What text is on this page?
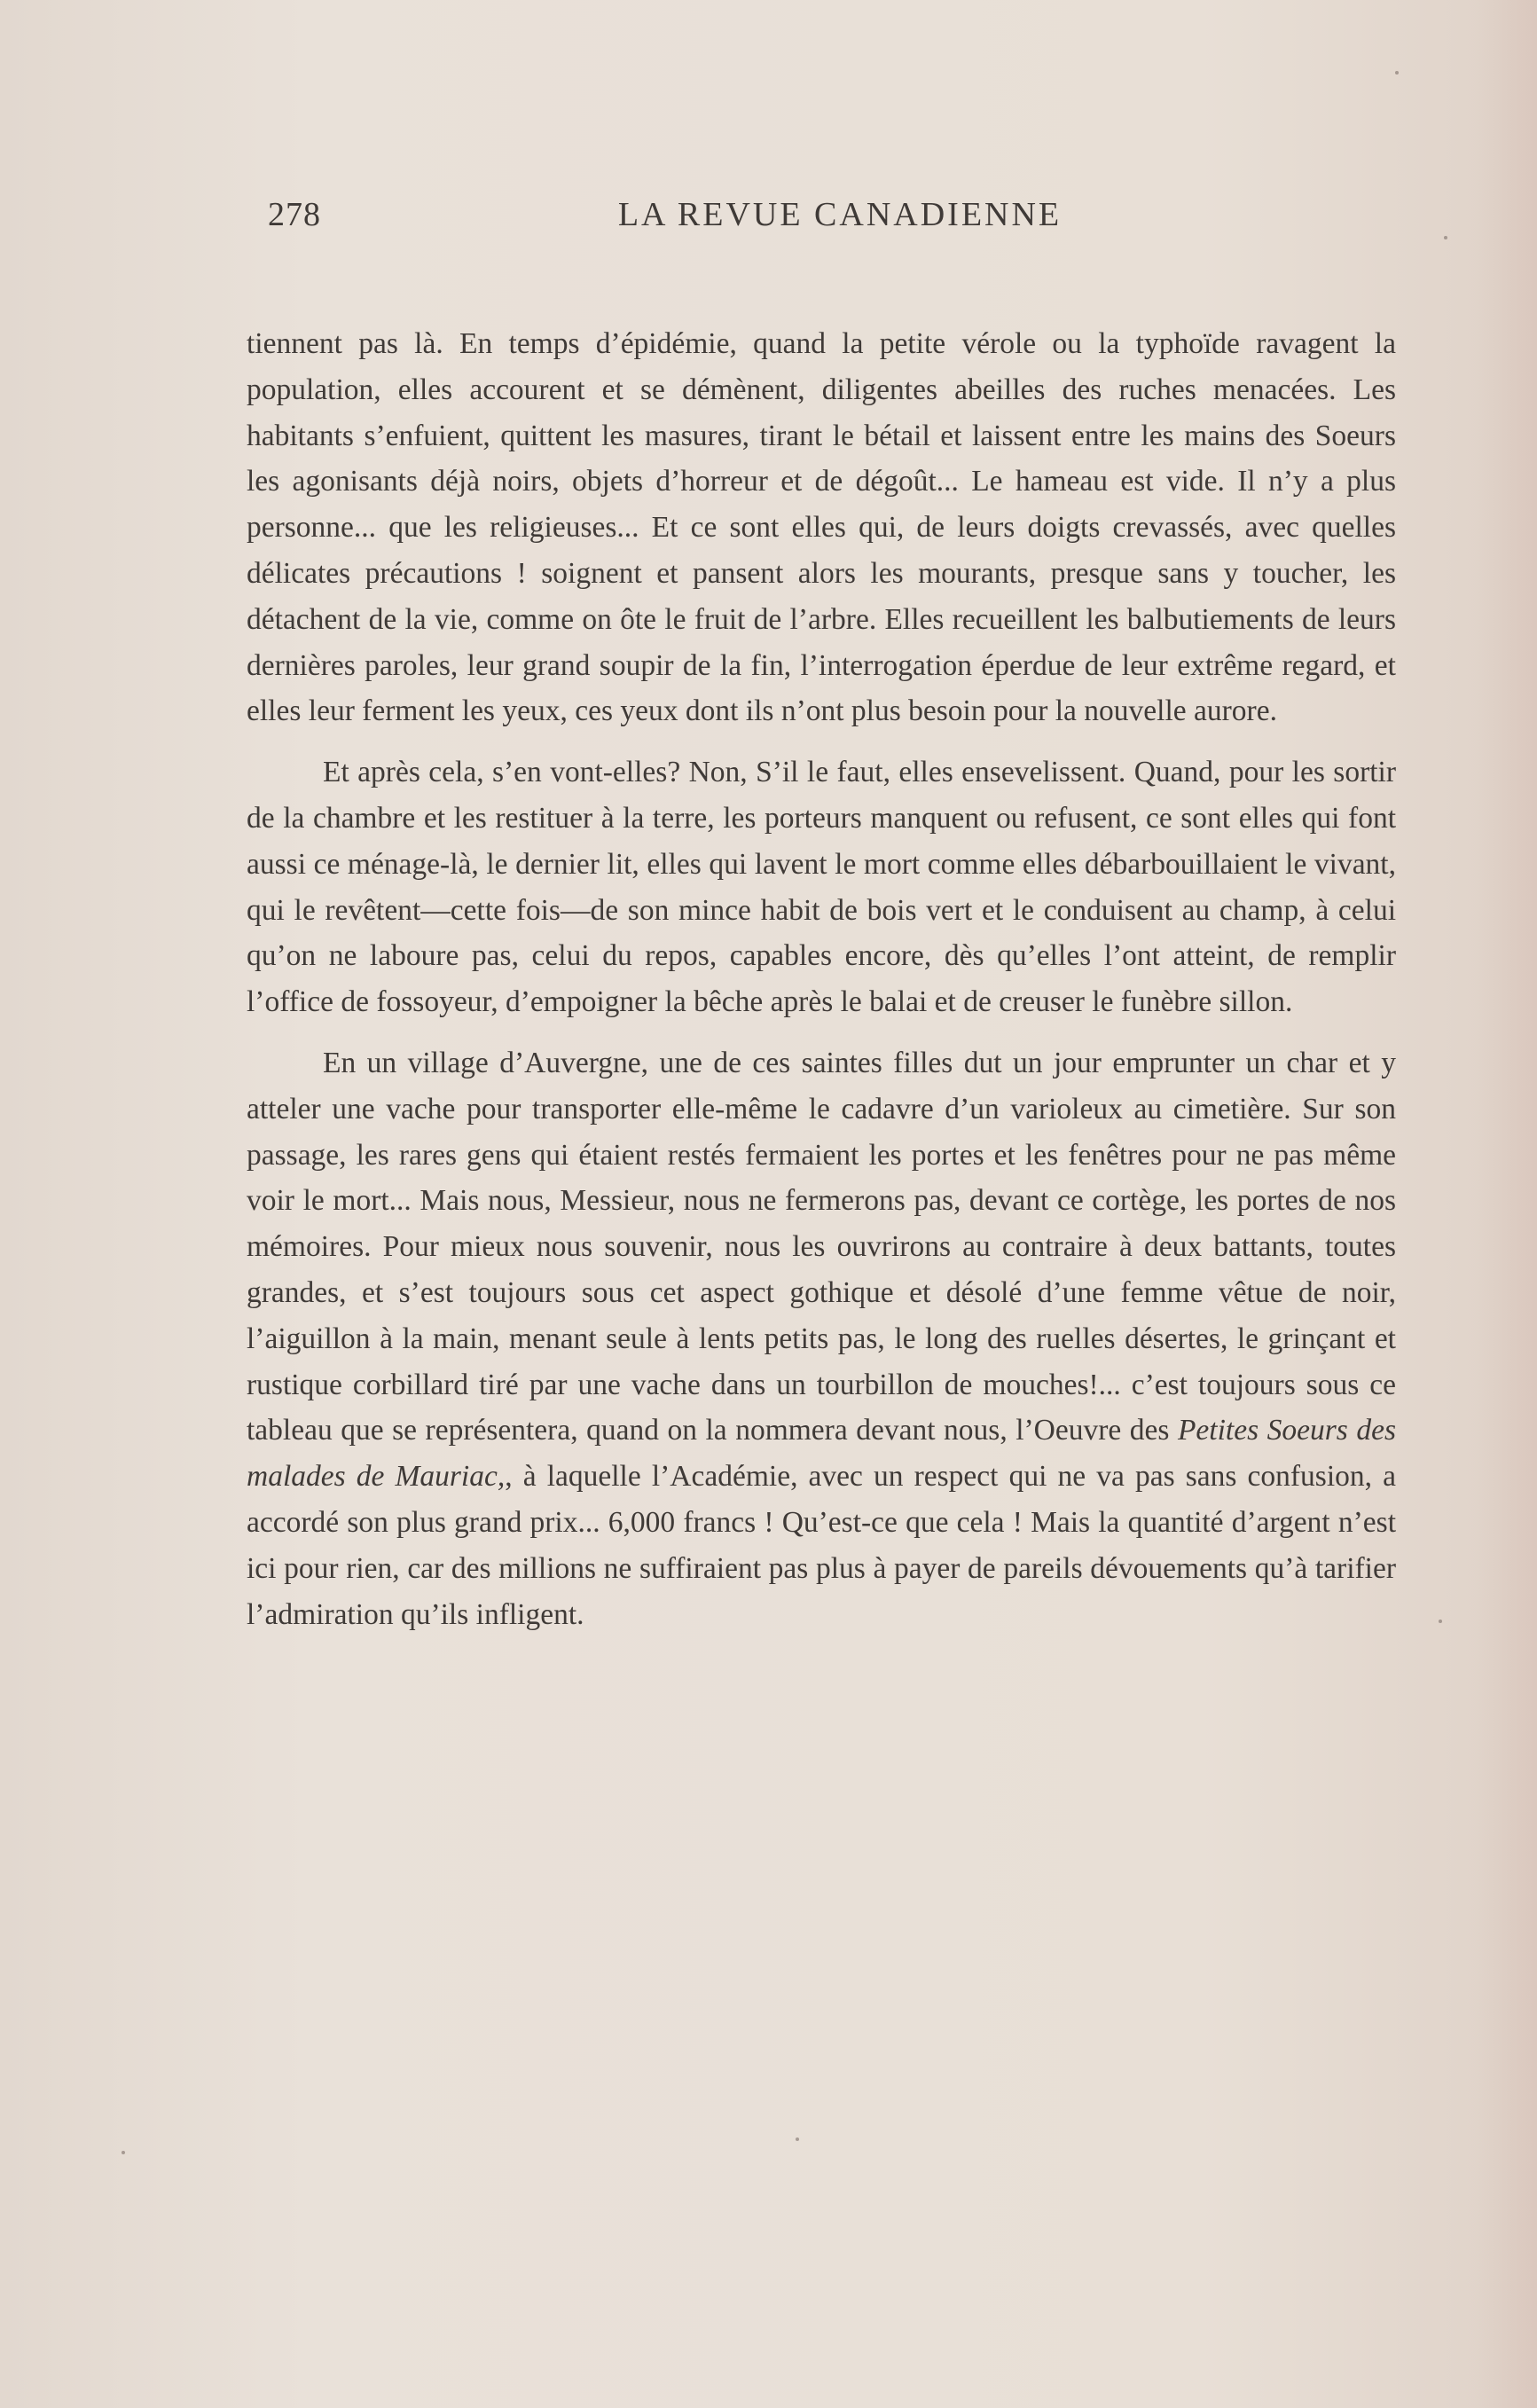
278	LA REVUE CANADIENNE

tiennent pas là. En temps d’épidémie, quand la petite vérole ou la typhoïde ravagent la population, elles accourent et se démènent, diligentes abeilles des ruches menacées. Les habitants s’enfuient, quittent les masures, tirant le bétail et laissent entre les mains des Soeurs les agonisants déjà noirs, objets d’horreur et de dégoût... Le hameau est vide. Il n’y a plus personne... que les religieuses... Et ce sont elles qui, de leurs doigts crevassés, avec quelles délicates précautions ! soignent et pansent alors les mourants, presque sans y toucher, les détachent de la vie, comme on ôte le fruit de l’arbre. Elles recueillent les balbutiements de leurs dernières paroles, leur grand soupir de la fin, l’interrogation éperdue de leur extrême regard, et elles leur ferment les yeux, ces yeux dont ils n’ont plus besoin pour la nouvelle aurore.

Et après cela, s’en vont-elles? Non, S’il le faut, elles ensevelissent. Quand, pour les sortir de la chambre et les restituer à la terre, les porteurs manquent ou refusent, ce sont elles qui font aussi ce ménage-là, le dernier lit, elles qui lavent le mort comme elles débarbouillaient le vivant, qui le revêtent—cette fois—de son mince habit de bois vert et le conduisent au champ, à celui qu’on ne laboure pas, celui du repos, capables encore, dès qu’elles l’ont atteint, de remplir l’office de fossoyeur, d’empoigner la bêche après le balai et de creuser le funèbre sillon.

En un village d’Auvergne, une de ces saintes filles dut un jour emprunter un char et y atteler une vache pour transporter elle-même le cadavre d’un varioleux au cimetière. Sur son passage, les rares gens qui étaient restés fermaient les portes et les fenêtres pour ne pas même voir le mort... Mais nous, Messieur, nous ne fermerons pas, devant ce cortège, les portes de nos mémoires. Pour mieux nous souvenir, nous les ouvrirons au contraire à deux battants, toutes grandes, et s’est toujours sous cet aspect gothique et désolé d’une femme vêtue de noir, l’aiguillon à la main, menant seule à lents petits pas, le long des ruelles désertes, le grinçant et rustique corbillard tiré par une vache dans un tourbillon de mouches!... c’est toujours sous ce tableau que se représentera, quand on la nommera devant nous, l’Oeuvre des Petites Soeurs des malades de Mauriac,, à laquelle l’Académie, avec un respect qui ne va pas sans confusion, a accordé son plus grand prix... 6,000 francs ! Qu’est-ce que cela ! Mais la quantité d’argent n’est ici pour rien, car des millions ne suffiraient pas plus à payer de pareils dévouements qu’à tarifier l’admiration qu’ils infligent.
